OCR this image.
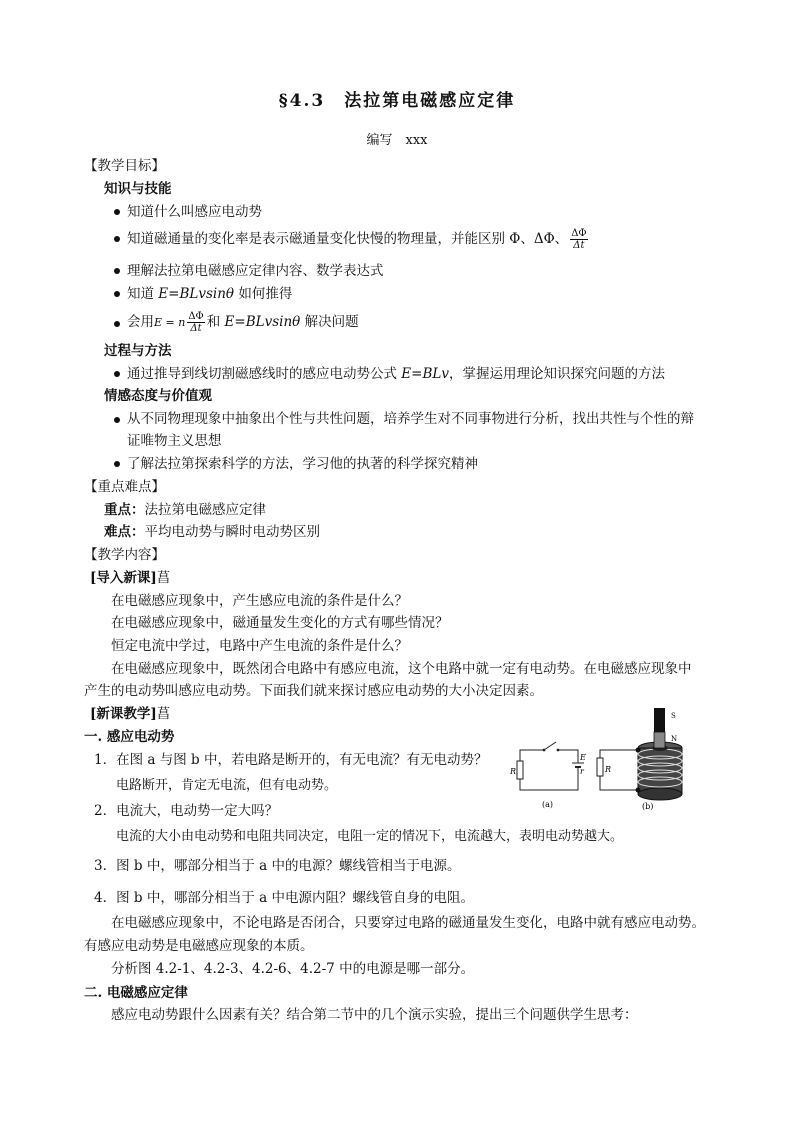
§4.3　法拉第电磁感应定律
编写　xxx
【教学目标】
知识与技能
知道什么叫感应电动势
知道磁通量的变化率是表示磁通量变化快慢的物理量，并能区别 Φ、ΔΦ、 $\frac{\Delta\Phi}{\Delta t}$
理解法拉第电磁感应定律内容、数学表达式
知道 E=BLvsinθ 如何推得
会用E = n $\frac{\Delta\Phi}{\Delta t}$ 和 E=BLvsinθ 解决问题
过程与方法
通过推导到线切割磁感线时的感应电动势公式 E=BLv，掌握运用理论知识探究问题的方法
情感态度与价值观
从不同物理现象中抽象出个性与共性问题，培养学生对不同事物进行分析，找出共性与个性的辩
证唯物主义思想
了解法拉第探索科学的方法，学习他的执著的科学探究精神
【重点难点】
重点：法拉第电磁感应定律
难点：平均电动势与瞬时电动势区别
【教学内容】
[导入新课]菖
在电磁感应现象中，产生感应电流的条件是什么？
在电磁感应现象中，磁通量发生变化的方式有哪些情况？
恒定电流中学过，电路中产生电流的条件是什么？
在电磁感应现象中，既然闭合电路中有感应电流，这个电路中就一定有电动势。在电磁感应现象中
产生的电动势叫感应电动势。下面我们就来探讨感应电动势的大小决定因素。
[新课教学]菖
一. 感应电动势
1．在图 a 与图 b 中，若电路是断开的，有无电流？有无电动势？
电路断开，肯定无电流，但有电动势。
2．电流大，电动势一定大吗？
电流的大小由电动势和电阻共同决定，电阻一定的情况下，电流越大，表明电动势越大。
3．图 b 中，哪部分相当于 a 中的电源？螺线管相当于电源。
4．图 b 中，哪部分相当于 a 中电源内阻？螺线管自身的电阻。
在电磁感应现象中，不论电路是否闭合，只要穿过电路的磁通量发生变化，电路中就有感应电动势。
有感应电动势是电磁感应现象的本质。
分析图 4.2-1、4.2-3、4.2-6、4.2-7 中的电源是哪一部分。
二. 电磁感应定律
感应电动势跟什么因素有关？结合第二节中的几个演示实验，提出三个问题供学生思考：
R
E
r
(a)
R
S
N
(b)
